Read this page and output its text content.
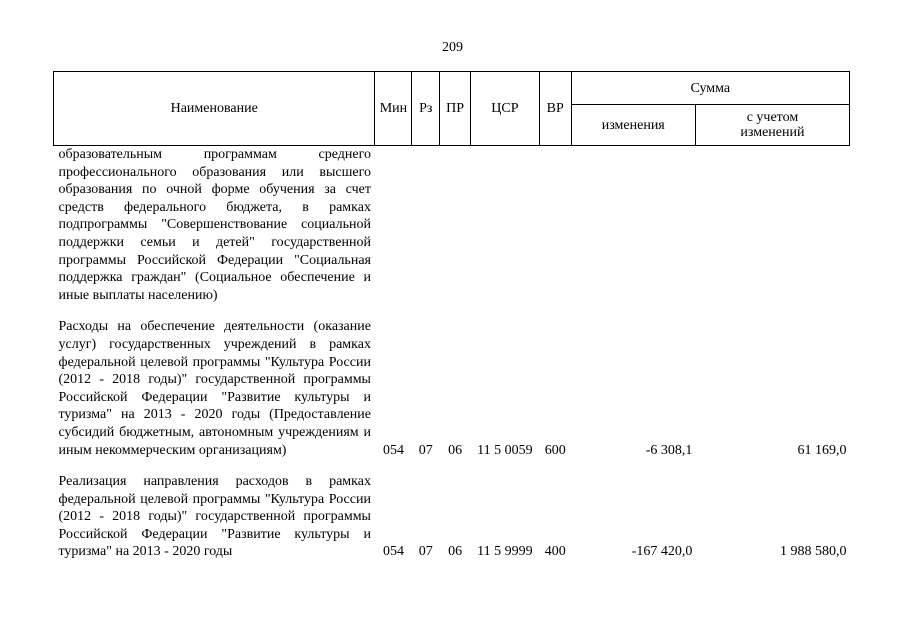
209
Наименование	Мин	Рз	ПР	ЦСР	ВР	Сумма	
						изменения	с учетом изменений
образовательным программам среднего профессионального образования или высшего образования по очной форме обучения за счет средств федерального бюджета, в рамках подпрограммы "Совершенствование социальной поддержки семьи и детей" государственной программы Российской Федерации "Социальная поддержка граждан" (Социальное обеспечение и иные выплаты населению)							

Расходы на обеспечение деятельности (оказание услуг) государственных учреждений в рамках федеральной целевой программы "Культура России (2012 - 2018 годы)" государственной программы Российской Федерации "Развитие культуры и туризма" на 2013 - 2020 годы (Предоставление субсидий бюджетным, автономным учреждениям и иным некоммерческим организациям)	054	07	06	11 5 0059	600	-6 308,1	61 169,0

Реализация направления расходов в рамках федеральной целевой программы "Культура России (2012 - 2018 годы)" государственной программы Российской Федерации "Развитие культуры и туризма" на 2013 - 2020 годы	054	07	06	11 5 9999	400	-167 420,0	1 988 580,0
